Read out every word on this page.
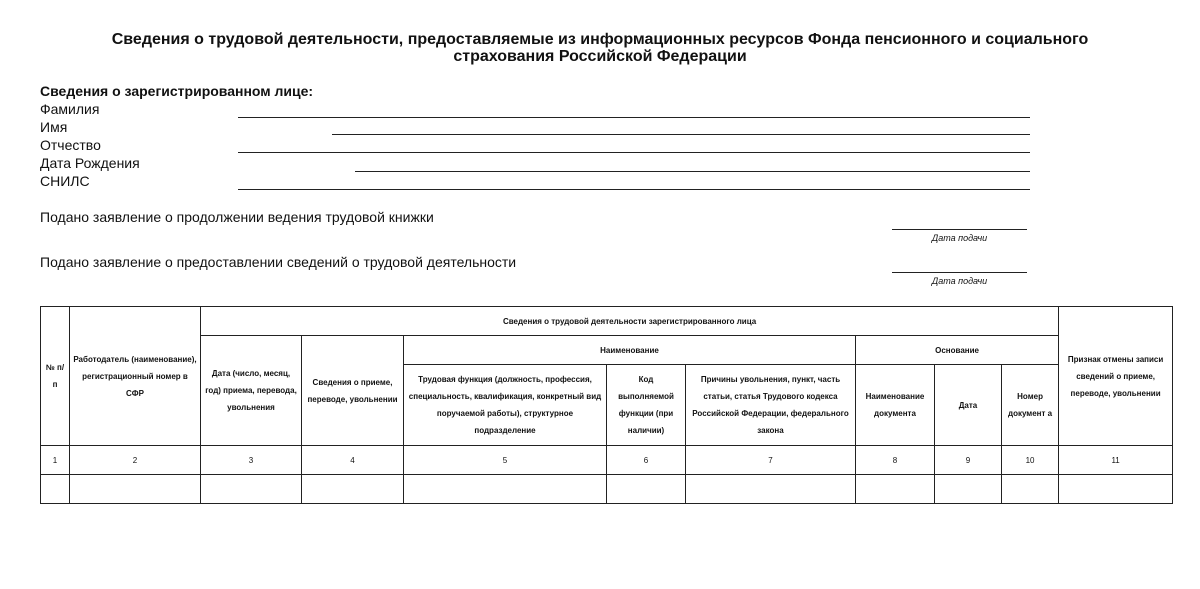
Сведения о трудовой деятельности, предоставляемые из информационных ресурсов Фонда пенсионного и социального страхования Российской Федерации
Сведения о зарегистрированном лице:
Фамилия
Имя
Отчество
Дата Рождения
СНИЛС
Подано заявление о продолжении ведения трудовой книжки
Дата подачи
Подано заявление о предоставлении сведений о трудовой деятельности
Дата подачи
№ п/п	Работодатель (наименование), регистрационный номер в СФР	Сведения о трудовой деятельности зарегистрированного лица								Признак отмены записи сведений о приеме, переводе, увольнении
		Дата (число, месяц, год) приема, перевода, увольнения	Сведения о приеме, переводе, увольнении	Наименование			Основание			
				Трудовая функция (должность, профессия, специальность, квалификация, конкретный вид поручаемой работы), структурное подразделение	Код выполняемой функции (при наличии)	Причины увольнения, пункт, часть статьи, статья Трудового кодекса Российской Федерации, федерального закона	Наименование документа	Дата	Номер документ а	
1	2	3	4	5	6	7	8	9	10	11
